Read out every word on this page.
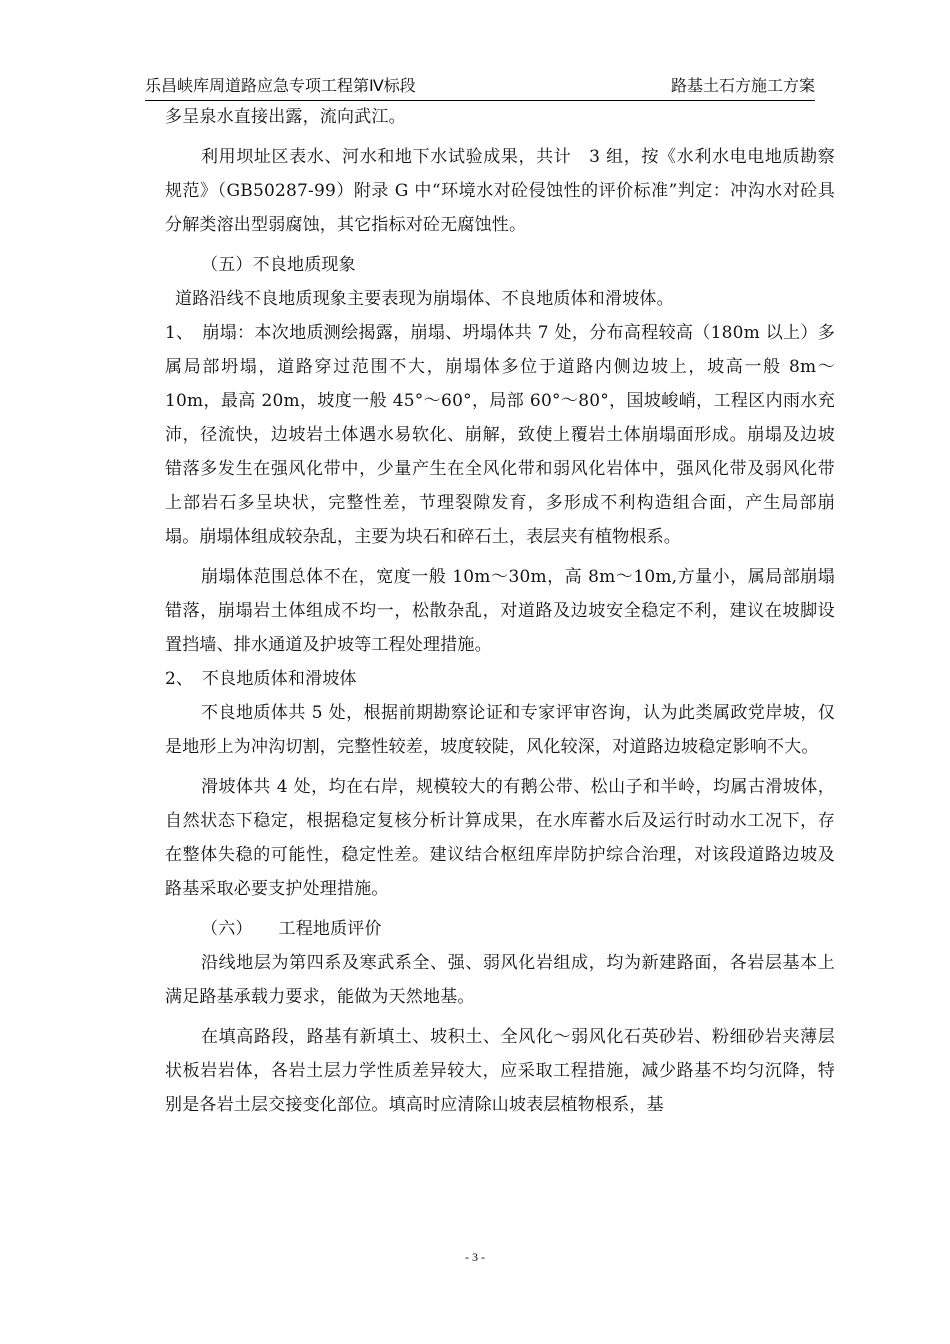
乐昌峡库周道路应急专项工程第Ⅳ标段	路基土石方施工方案

多呈泉水直接出露，流向武江。

利用坝址区表水、河水和地下水试验成果，共计　3 组，按《水利水电电地质勘察规范》（GB50287-99）附录 G 中“环境水对砼侵蚀性的评价标准”判定：冲沟水对砼具分解类溶出型弱腐蚀，其它指标对砼无腐蚀性。

（五）不良地质现象

道路沿线不良地质现象主要表现为崩塌体、不良地质体和滑坡体。

1、　崩塌：本次地质测绘揭露，崩塌、坍塌体共 7 处，分布高程较高（180m 以上）多属局部坍塌，道路穿过范围不大，崩塌体多位于道路内侧边坡上，坡高一般 8m～10m，最高 20m，坡度一般 45°～60°，局部 60°～80°，国坡峻峭，工程区内雨水充沛，径流快，边坡岩土体遇水易软化、崩解，致使上覆岩土体崩塌面形成。崩塌及边坡错落多发生在强风化带中，少量产生在全风化带和弱风化岩体中，强风化带及弱风化带上部岩石多呈块状，完整性差，节理裂隙发育，多形成不利构造组合面，产生局部崩塌。崩塌体组成较杂乱，主要为块石和碎石土，表层夹有植物根系。

崩塌体范围总体不在，宽度一般 10m～30m，高 8m～10m,方量小，属局部崩塌错落，崩塌岩土体组成不均一，松散杂乱，对道路及边坡安全稳定不利，建议在坡脚设置挡墙、排水通道及护坡等工程处理措施。

2、　不良地质体和滑坡体

不良地质体共 5 处，根据前期勘察论证和专家评审咨询，认为此类属政党岸坡，仅是地形上为冲沟切割，完整性较差，坡度较陡，风化较深，对道路边坡稳定影响不大。

滑坡体共 4 处，均在右岸，规模较大的有鹅公带、松山子和半岭，均属古滑坡体，自然状态下稳定，根据稳定复核分析计算成果，在水库蓄水后及运行时动水工况下，存在整体失稳的可能性，稳定性差。建议结合枢纽库岸防护综合治理，对该段道路边坡及路基采取必要支护处理措施。

（六）　　工程地质评价

沿线地层为第四系及寒武系全、强、弱风化岩组成，均为新建路面，各岩层基本上满足路基承载力要求，能做为天然地基。

在填高路段，路基有新填土、坡积土、全风化～弱风化石英砂岩、粉细砂岩夹薄层状板岩岩体，各岩土层力学性质差异较大，应采取工程措施，减少路基不均匀沉降，特别是各岩土层交接变化部位。填高时应清除山坡表层植物根系，基

- 3 -
